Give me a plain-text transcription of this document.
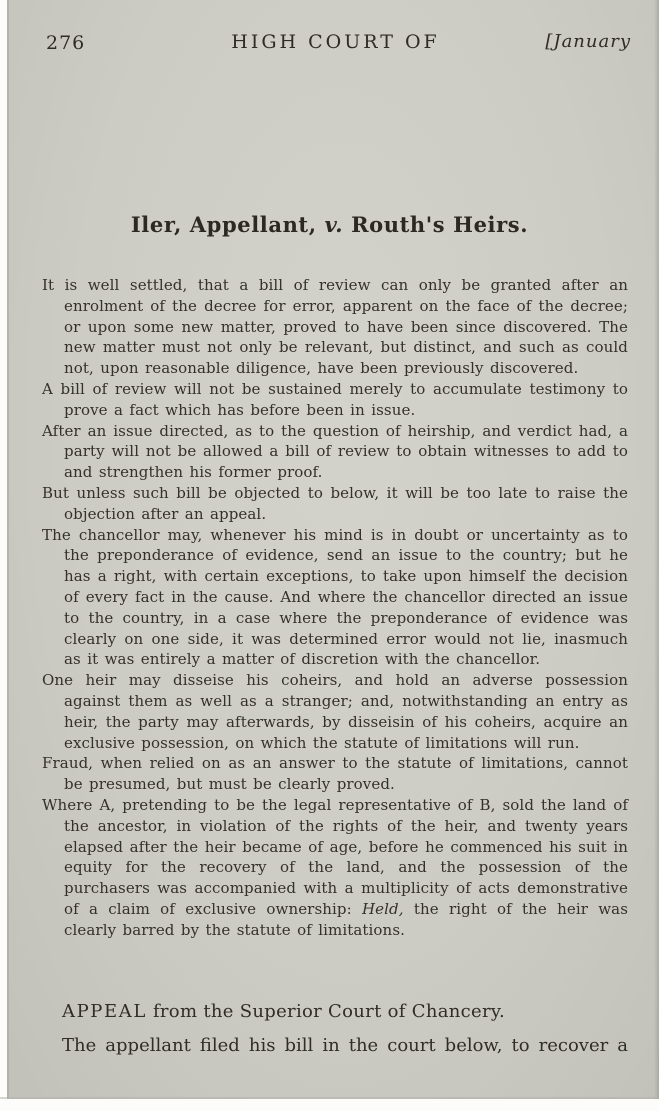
276	HIGH COURT OF	[January
Iler, Appellant, v. Routh's Heirs.

It is well settled, that a bill of review can only be granted after an enrolment of the decree for error, apparent on the face of the decree; or upon some new matter, proved to have been since discovered. The new matter must not only be relevant, but distinct, and such as could not, upon reasonable diligence, have been previously discovered.

A bill of review will not be sustained merely to accumulate testimony to prove a fact which has before been in issue.

After an issue directed, as to the question of heirship, and verdict had, a party will not be allowed a bill of review to obtain witnesses to add to and strengthen his former proof.

But unless such bill be objected to below, it will be too late to raise the objection after an appeal.

The chancellor may, whenever his mind is in doubt or uncertainty as to the preponderance of evidence, send an issue to the country; but he has a right, with certain exceptions, to take upon himself the decision of every fact in the cause. And where the chancellor directed an issue to the country, in a case where the preponderance of evidence was clearly on one side, it was determined error would not lie, inasmuch as it was entirely a matter of discretion with the chancellor.

One heir may disseise his coheirs, and hold an adverse possession against them as well as a stranger; and, notwithstanding an entry as heir, the party may afterwards, by disseisin of his coheirs, acquire an exclusive possession, on which the statute of limitations will run.

Fraud, when relied on as an answer to the statute of limitations, cannot be presumed, but must be clearly proved.

Where A, pretending to be the legal representative of B, sold the land of the ancestor, in violation of the rights of the heir, and twenty years elapsed after the heir became of age, before he commenced his suit in equity for the recovery of the land, and the possession of the purchasers was accompanied with a multiplicity of acts demonstrative of a claim of exclusive ownership: Held, the right of the heir was clearly barred by the statute of limitations.

APPEAL from the Superior Court of Chancery.

The appellant filed his bill in the court below, to recover a
